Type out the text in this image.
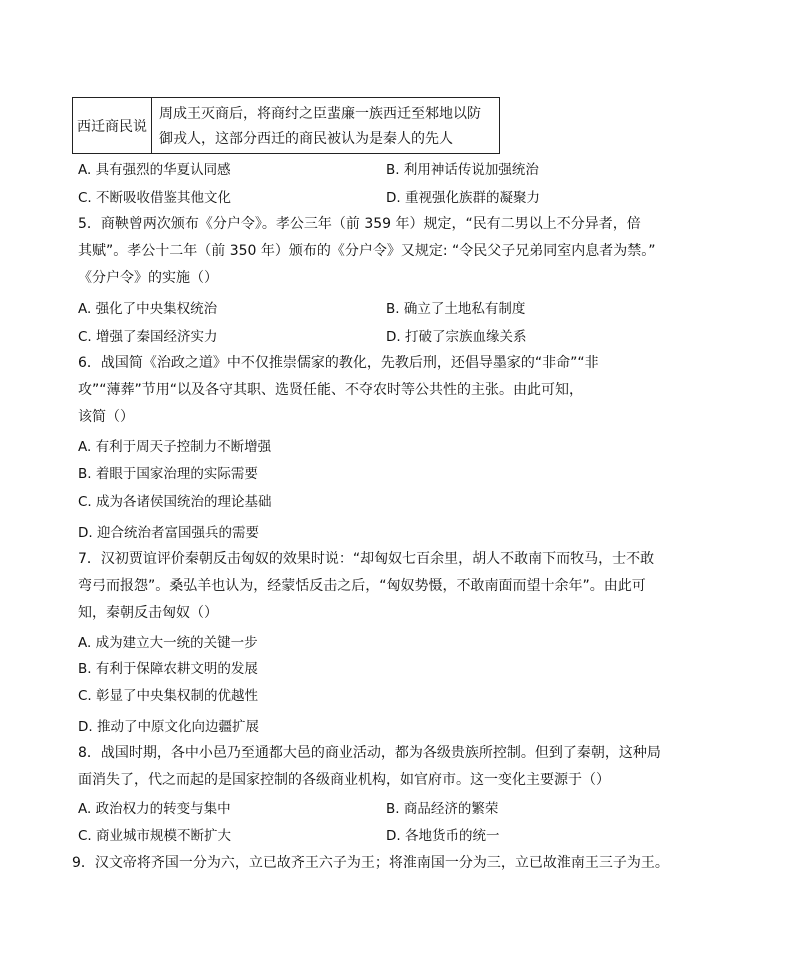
西迁商民说
周成王灭商后，将商纣之臣蜚廉一族西迁至邾地以防
御戎人，这部分西迁的商民被认为是秦人的先人
A. 具有强烈的华夏认同感	B. 利用神话传说加强统治
C. 不断吸收借鉴其他文化	D. 重视强化族群的凝聚力
5．商鞅曾两次颁布《分户令》。孝公三年（前 359 年）规定，“民有二男以上不分异者，倍
其赋”。孝公十二年（前 350 年）颁布的《分户令》又规定: “令民父子兄弟同室内息者为禁。”
《分户令》的实施（）
A. 强化了中央集权统治	B. 确立了土地私有制度
C. 增强了秦国经济实力	D. 打破了宗族血缘关系
6．战国简《治政之道》中不仅推崇儒家的教化，先教后刑，还倡导墨家的“非命”“非
攻”“薄葬”节用“以及各守其职、选贤任能、不夺农时等公共性的主张。由此可知，
该简（）
A. 有利于周天子控制力不断增强
B. 着眼于国家治理的实际需要
C. 成为各诸侯国统治的理论基础
D. 迎合统治者富国强兵的需要
7．汉初贾谊评价秦朝反击匈奴的效果时说：“却匈奴七百余里，胡人不敢南下而牧马，士不敢
弯弓而报怨”。桑弘羊也认为，经蒙恬反击之后，“匈奴势慑，不敢南面而望十余年”。由此可
知，秦朝反击匈奴（）
A. 成为建立大一统的关键一步
B. 有利于保障农耕文明的发展
C. 彰显了中央集权制的优越性
D. 推动了中原文化向边疆扩展
8．战国时期，各中小邑乃至通都大邑的商业活动，都为各级贵族所控制。但到了秦朝，这种局
面消失了，代之而起的是国家控制的各级商业机构，如官府市。这一变化主要源于（）
A. 政治权力的转变与集中	B. 商品经济的繁荣
C. 商业城市规模不断扩大	D. 各地货币的统一
9．汉文帝将齐国一分为六，立已故齐王六子为王；将淮南国一分为三，立已故淮南王三子为王。
